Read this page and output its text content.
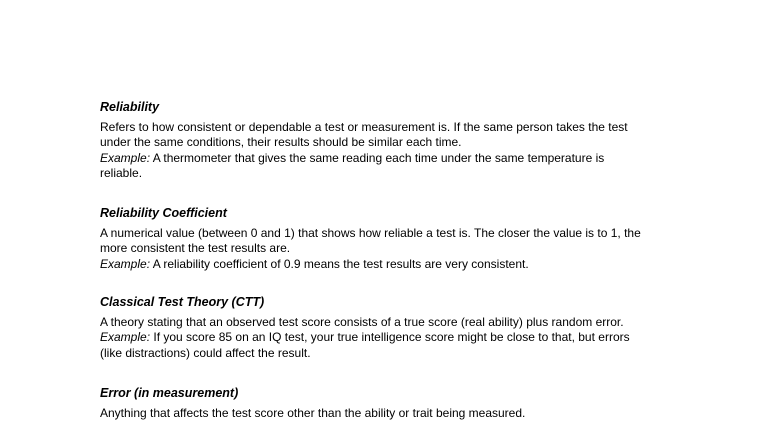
Reliability

Refers to how consistent or dependable a test or measurement is. If the same person takes the test

under the same conditions, their results should be similar each time.

Example: A thermometer that gives the same reading each time under the same temperature is

reliable.

Reliability Coefficient

A numerical value (between 0 and 1) that shows how reliable a test is. The closer the value is to 1, the

more consistent the test results are.

Example: A reliability coefficient of 0.9 means the test results are very consistent.

Classical Test Theory (CTT)

A theory stating that an observed test score consists of a true score (real ability) plus random error.

Example: If you score 85 on an IQ test, your true intelligence score might be close to that, but errors

(like distractions) could affect the result.

Error (in measurement)

Anything that affects the test score other than the ability or trait being measured.
